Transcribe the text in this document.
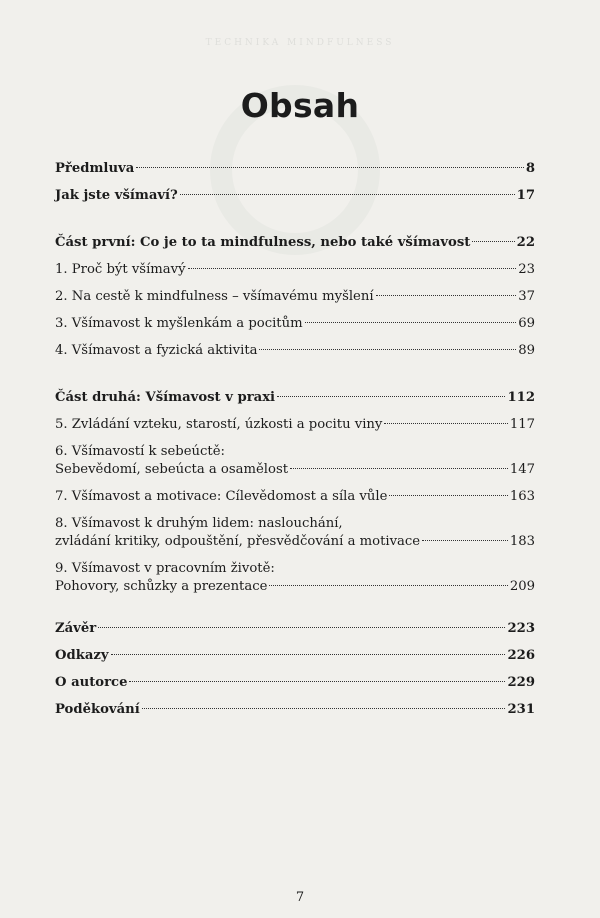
TECHNIKA MINDFULNESS
Obsah
Předmluva	8
Jak jste všímaví?	17
Část první: Co je to ta mindfulness, nebo také všímavost	22
1. Proč být všímavý	23
2. Na cestě k mindfulness – všímavému myšlení	37
3. Všímavost k myšlenkám a pocitům	69
4. Všímavost a fyzická aktivita	89
Část druhá: Všímavost v praxi	112
5. Zvládání vzteku, starostí, úzkosti a pocitu viny	117
6. Všímavostí k sebeúctě:
Sebevědomí, sebeúcta a osamělost	147
7. Všímavost a motivace: Cílevědomost a síla vůle	163
8. Všímavost k druhým lidem: naslouchání,
zvládání kritiky, odpouštění, přesvědčování a motivace	183
9. Všímavost v pracovním životě:
Pohovory, schůzky a prezentace	209
Závěr	223
Odkazy	226
O autorce	229
Poděkování	231
7
